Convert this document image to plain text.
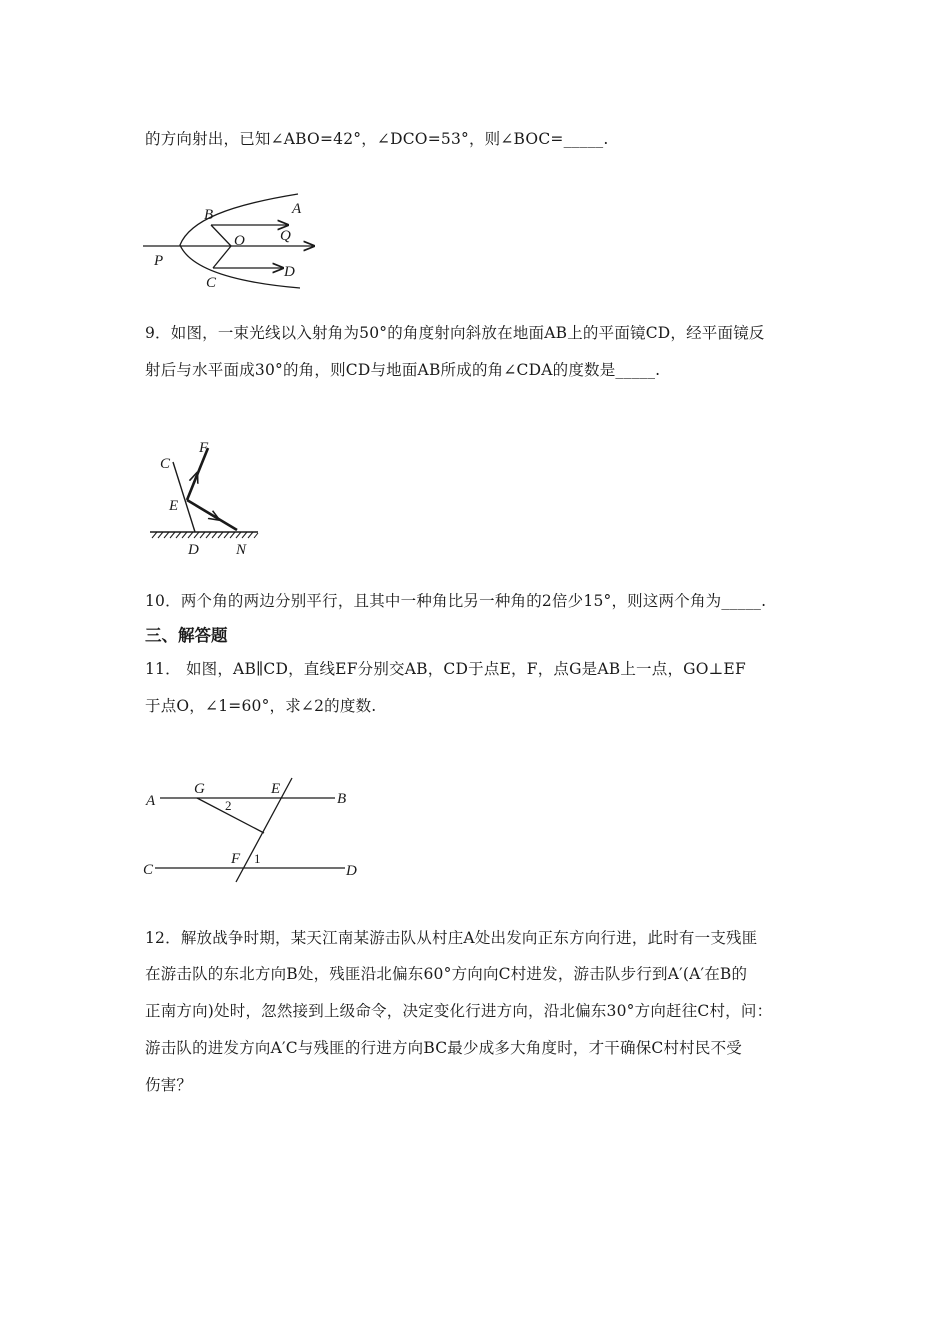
的方向射出，已知∠ABO=42°，∠DCO=53°，则∠BOC=_____.
B	A
O Q
P
C
D
9．如图，一束光线以入射角为50°的角度射向斜放在地面AB上的平面镜CD，经平面镜反
射后与水平面成30°的角，则CD与地面AB所成的角∠CDA的度数是_____.
C
F
E
D N
10．两个角的两边分别平行，且其中一种角比另一种角的2倍少15°，则这两个角为_____.
三、解答题
11． 如图，AB∥CD，直线EF分别交AB，CD于点E，F，点G是AB上一点，GO⊥EF
于点O，∠1=60°，求∠2的度数.
A
G	E
B
2
C
F 1
D
12．解放战争时期，某天江南某游击队从村庄A处出发向正东方向行进，此时有一支残匪
在游击队的东北方向B处，残匪沿北偏东60°方向向C村进发，游击队步行到A′(A′在B的
正南方向)处时，忽然接到上级命令，决定变化行进方向，沿北偏东30°方向赶往C村，问：
游击队的进发方向A′C与残匪的行进方向BC最少成多大角度时，才干确保C村村民不受
伤害？
